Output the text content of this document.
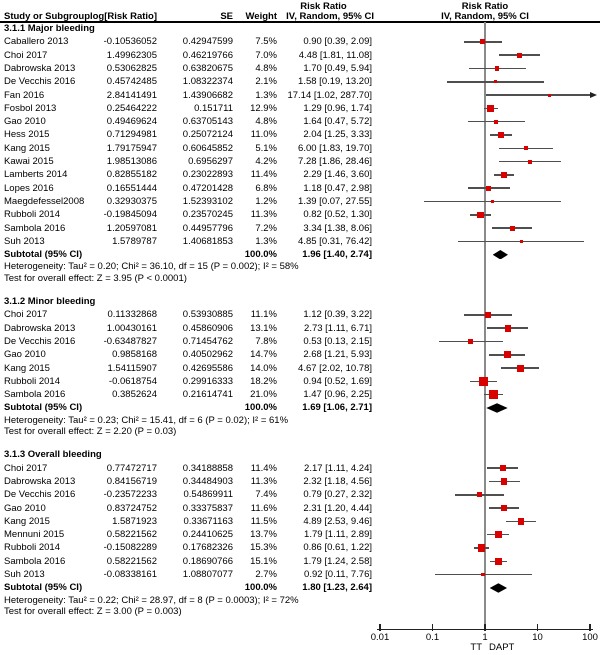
Risk Ratio	Risk Ratio
Study or Subgroup log[Risk Ratio]	SE	Weight IV, Random, 95% CI	IV, Random, 95% CI
3.1.1 Major bleeding
Caballero 2013	-0.10536052	0.42947599	7.5%	0.90 [0.39, 2.09]
Choi 2017	1.49962305	0.46219766	7.0%	4.48 [1.81, 11.08]
Dabrowska 2013	0.53062825	0.63820675	4.8%	1.70 [0.49, 5.94]
De Vecchis 2016	0.45742485	1.08322374	2.1%	1.58 [0.19, 13.20]
Fan 2016	2.84141491	1.43906682	1.3%	17.14 [1.02, 287.70]
Fosbol 2013	0.25464222	0.151711	12.9%	1.29 [0.96, 1.74]
Gao 2010	0.49469624	0.63705143	4.8%	1.64 [0.47, 5.72]
Hess 2015	0.71294981	0.25072124	11.0%	2.04 [1.25, 3.33]
Kang 2015	1.79175947	0.60645852	5.1%	6.00 [1.83, 19.70]
Kawai 2015	1.98513086	0.6956297	4.2%	7.28 [1.86, 28.46]
Lamberts 2014	0.82855182	0.23022893	11.4%	2.29 [1.46, 3.60]
Lopes 2016	0.16551444	0.47201428	6.8%	1.18 [0.47, 2.98]
Maegdefessel2008	0.32930375	1.52393102	1.2%	1.39 [0.07, 27.55]
Rubboli 2014	-0.19845094	0.23570245	11.3%	0.82 [0.52, 1.30]
Sambola 2016	1.20597081	0.44957796	7.2%	3.34 [1.38, 8.06]
Suh 2013	1.5789787	1.40681853	1.3%	4.85 [0.31, 76.42]
Subtotal (95% CI)	100.0%	1.96 [1.40, 2.74]
Heterogeneity: Tau² = 0.20; Chi² = 36.10, df = 15 (P = 0.002); I² = 58%
Test for overall effect: Z = 3.95 (P < 0.0001)
3.1.2 Minor bleeding
Choi 2017	0.11332868	0.53930885	11.1%	1.12 [0.39, 3.22]
Dabrowska 2013	1.00430161	0.45860906	13.1%	2.73 [1.11, 6.71]
De Vecchis 2016	-0.63487827	0.71454762	7.8%	0.53 [0.13, 2.15]
Gao 2010	0.9858168	0.40502962	14.7%	2.68 [1.21, 5.93]
Kang 2015	1.54115907	0.42695586	14.0%	4.67 [2.02, 10.78]
Rubboli 2014	-0.0618754	0.29916333	18.2%	0.94 [0.52, 1.69]
Sambola 2016	0.3852624	0.21614741	21.0%	1.47 [0.96, 2.25]
Subtotal (95% CI)	100.0%	1.69 [1.06, 2.71]
Heterogeneity: Tau² = 0.23; Chi² = 15.41, df = 6 (P = 0.02); I² = 61%
Test for overall effect: Z = 2.20 (P = 0.03)
3.1.3 Overall bleeding
Choi 2017	0.77472717	0.34188858	11.4%	2.17 [1.11, 4.24]
Dabrowska 2013	0.84156719	0.34484903	11.3%	2.32 [1.18, 4.56]
De Vecchis 2016	-0.23572233	0.54869911	7.4%	0.79 [0.27, 2.32]
Gao 2010	0.83724752	0.33375837	11.6%	2.31 [1.20, 4.44]
Kang 2015	1.5871923	0.33671163	11.5%	4.89 [2.53, 9.46]
Mennuni 2015	0.58221562	0.24410625	13.7%	1.79 [1.11, 2.89]
Rubboli 2014	-0.15082289	0.17682326	15.3%	0.86 [0.61, 1.22]
Sambola 2016	0.58221562	0.18690766	15.1%	1.79 [1.24, 2.58]
Suh 2013	-0.08338161	1.08807077	2.7%	0.92 [0.11, 7.76]
Subtotal (95% CI)	100.0%	1.80 [1.23, 2.64]
Heterogeneity: Tau² = 0.22; Chi² = 28.97, df = 8 (P = 0.0003); I² = 72%
Test for overall effect: Z = 3.00 (P = 0.003)
0.01	0.1	1	10	100
TT DAPT
